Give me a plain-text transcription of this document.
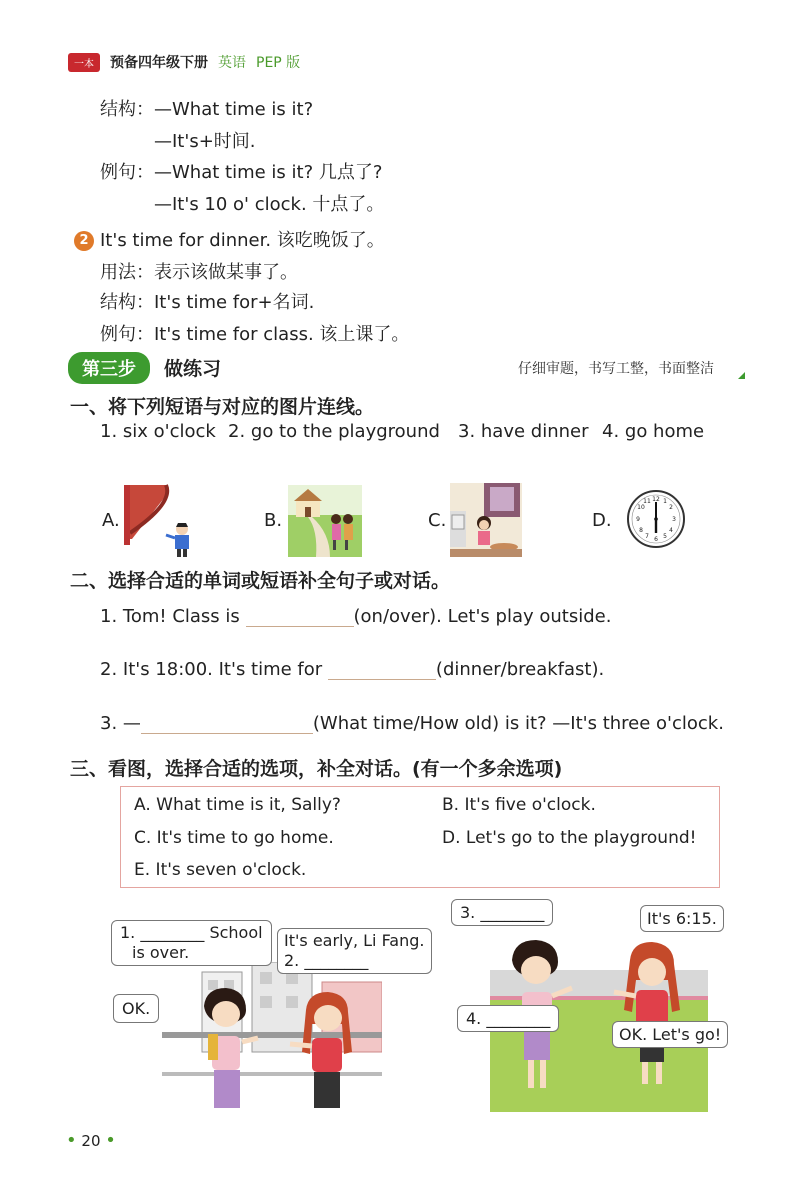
一本	预备四年级下册 英语 PEP 版
结构：—What time is it?
—It's+时间.
例句：—What time is it? 几点了?
—It's 10 o' clock. 十点了。
2 It's time for dinner. 该吃晚饭了。
用法：表示该做某事了。
结构：It's time for+名词.
例句：It's time for class. 该上课了。
第三步	做练习	仔细审题，书写工整，书面整洁
一、将下列短语与对应的图片连线。
1. six o'clock 2. go to the playground 3. have dinner 4. go home
A.	B.	C.	D.
12 1
2
3
4
5
6
7
8
9
10
11
二、选择合适的单词或短语补全句子或对话。
1. Tom! Class is	(on/over). Let's play outside.
2. It's 18:00. It's time for	(dinner/breakfast).
3. —	(What time/How old) is it? —It's three o'clock.
三、看图，选择合适的选项，补全对话。(有一个多余选项)
A. What time is it, Sally?	B. It's five o'clock.
C. It's time to go home.	D. Let's go to the playground!
E. It's seven o'clock.
1. ________ School
is over.
It's early, Li Fang.
2. ________
OK.
3. ________	It's 6:15.
4. ________
OK. Let's go!
• 20 •
